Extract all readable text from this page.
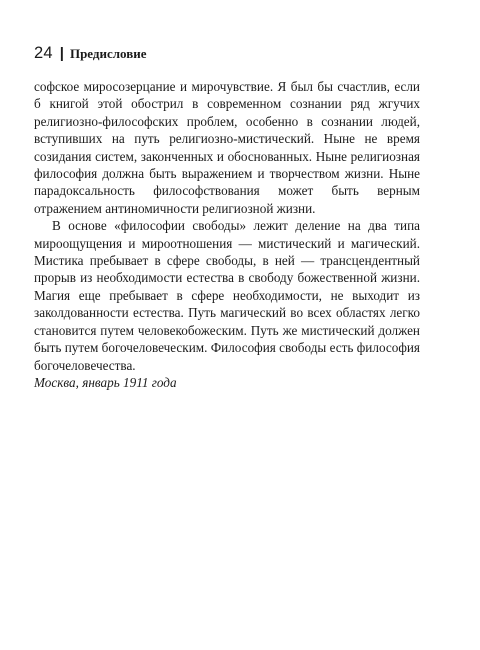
24 | Предисловие

софское миросозерцание и мирочувствие. Я был бы счастлив, если б книгой этой обострил в современном сознании ряд жгучих религиозно-философских проблем, особенно в сознании людей, вступивших на путь религиозно-мистический. Ныне не время созидания систем, законченных и обоснованных. Ныне религиозная философия должна быть выражением и творчеством жизни. Ныне парадоксальность философствования может быть верным отражением антиномичности религиозной жизни.

В основе «философии свободы» лежит деление на два типа мироощущения и мироотношения — мистический и магический. Мистика пребывает в сфере свободы, в ней — трансцендентный прорыв из необходимости естества в свободу божественной жизни. Магия еще пребывает в сфере необходимости, не выходит из заколдованности естества. Путь магический во всех областях легко становится путем человекобожеским. Путь же мистический должен быть путем богочеловеческим. Философия свободы есть философия богочеловечества.

Москва, январь 1911 года
